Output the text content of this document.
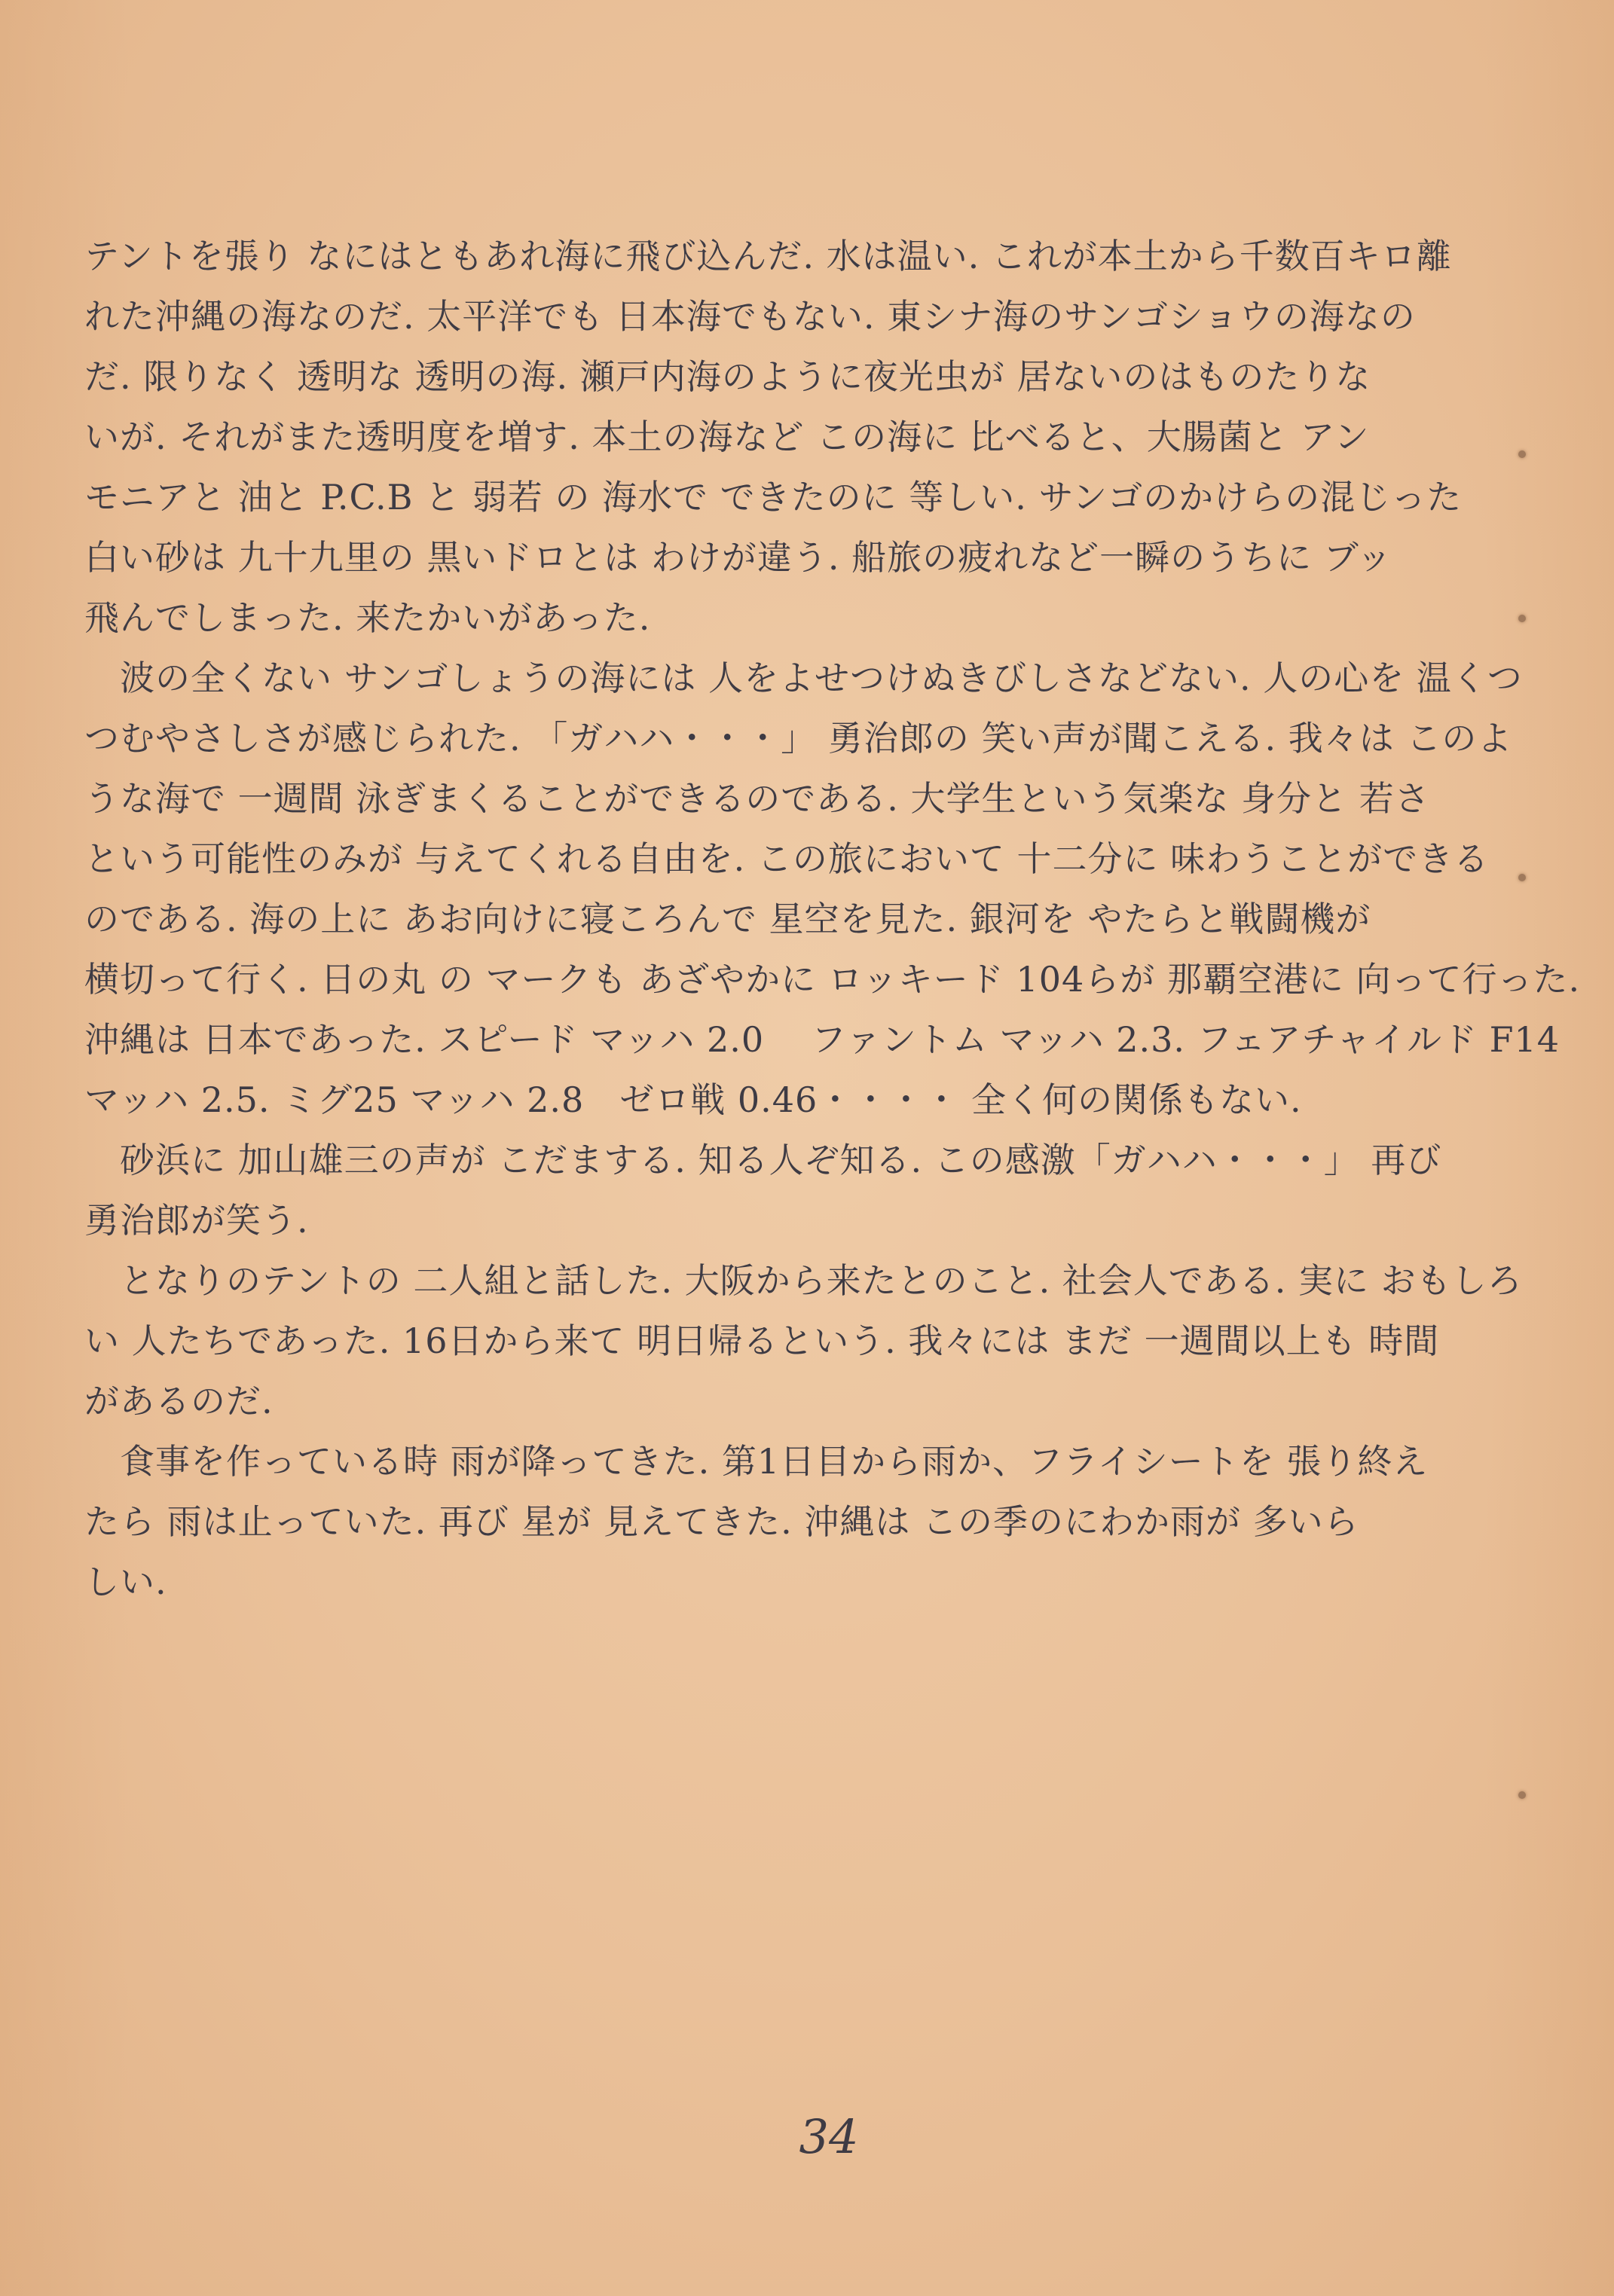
テントを張り なにはともあれ海に飛び込んだ. 水は温い. これが本土から千数百キロ離
れた沖縄の海なのだ. 太平洋でも 日本海でもない. 東シナ海のサンゴショウの海なの
だ. 限りなく 透明な 透明の海. 瀬戸内海のように夜光虫が 居ないのはものたりな
いが. それがまた透明度を増す. 本土の海など この海に 比べると、大腸菌と アン
モニアと 油と P.C.B と 弱若 の 海水で できたのに 等しい. サンゴのかけらの混じった
白い砂は 九十九里の 黒いドロとは わけが違う. 船旅の疲れなど一瞬のうちに ブッ
飛んでしまった. 来たかいがあった.
　波の全くない サンゴしょうの海には 人をよせつけぬきびしさなどない. 人の心を 温くつ
つむやさしさが感じられた. 「ガハハ・・・」 勇治郎の 笑い声が聞こえる. 我々は このよ
うな海で 一週間 泳ぎまくることができるのである. 大学生という気楽な 身分と 若さ
という可能性のみが 与えてくれる自由を. この旅において 十二分に 味わうことができる
のである. 海の上に あお向けに寝ころんで 星空を見た. 銀河を やたらと戦闘機が
横切って行く. 日の丸 の マークも あざやかに ロッキード 104らが 那覇空港に 向って行った.
沖縄は 日本であった. スピード マッハ 2.0　 ファントム マッハ 2.3. フェアチャイルド F14
マッハ 2.5. ミグ25 マッハ 2.8　ゼロ戦 0.46・・・・ 全く何の関係もない.
　砂浜に 加山雄三の声が こだまする. 知る人ぞ知る. この感激「ガハハ・・・」 再び
勇治郎が笑う.
　となりのテントの 二人組と話した. 大阪から来たとのこと. 社会人である. 実に おもしろ
い 人たちであった. 16日から来て 明日帰るという. 我々には まだ 一週間以上も 時間
があるのだ.
　食事を作っている時 雨が降ってきた. 第1日目から雨か、フライシートを 張り終え
たら 雨は止っていた. 再び 星が 見えてきた. 沖縄は この季のにわか雨が 多いら
しい.
34
